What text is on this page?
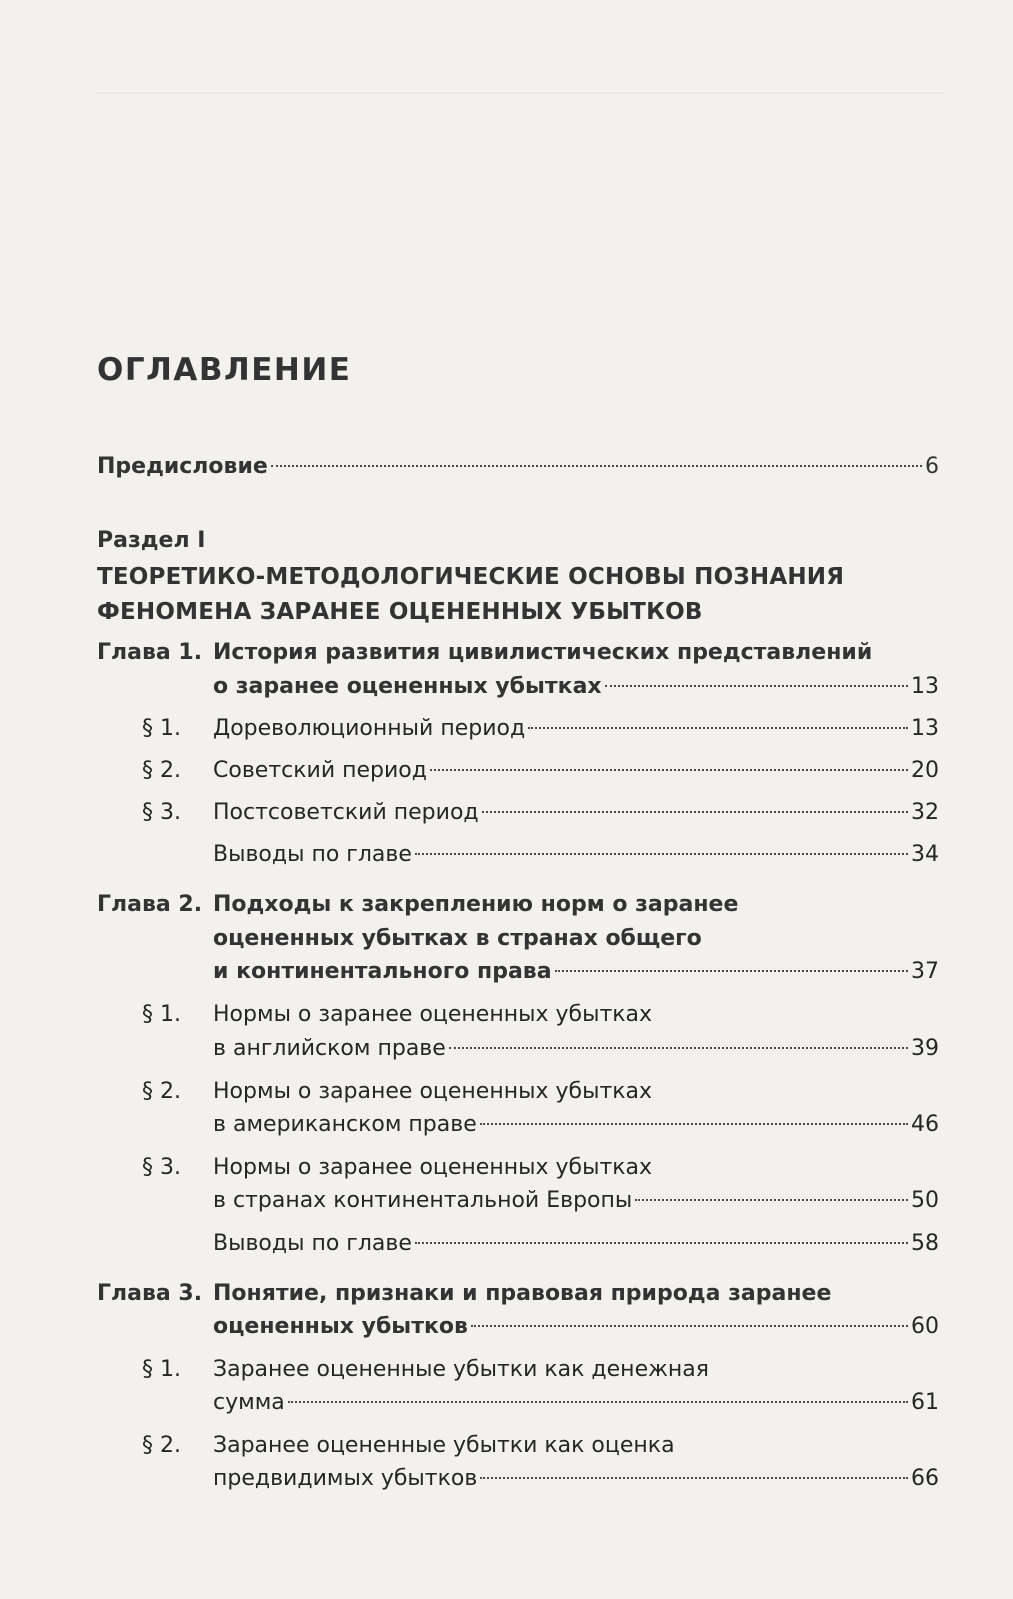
ОГЛАВЛЕНИЕ
Предисловие	6
Раздел I
ТЕОРЕТИКО-МЕТОДОЛОГИЧЕСКИЕ ОСНОВЫ ПОЗНАНИЯ
ФЕНОМЕНА ЗАРАНЕЕ ОЦЕНЕННЫХ УБЫТКОВ
Глава 1. История развития цивилистических представлений
о заранее оцененных убытках	13
§ 1. Дореволюционный период	13
§ 2. Советский период	20
§ 3. Постсоветский период	32
Выводы по главе	34
Глава 2. Подходы к закреплению норм о заранее
оцененных убытках в странах общего
и континентального права	37
§ 1. Нормы о заранее оцененных убытках
в английском праве	39
§ 2. Нормы о заранее оцененных убытках
в американском праве	46
§ 3. Нормы о заранее оцененных убытках
в странах континентальной Европы	50
Выводы по главе	58
Глава 3. Понятие, признаки и правовая природа заранее
оцененных убытков	60
§ 1. Заранее оцененные убытки как денежная
сумма	61
§ 2. Заранее оцененные убытки как оценка
предвидимых убытков	66
